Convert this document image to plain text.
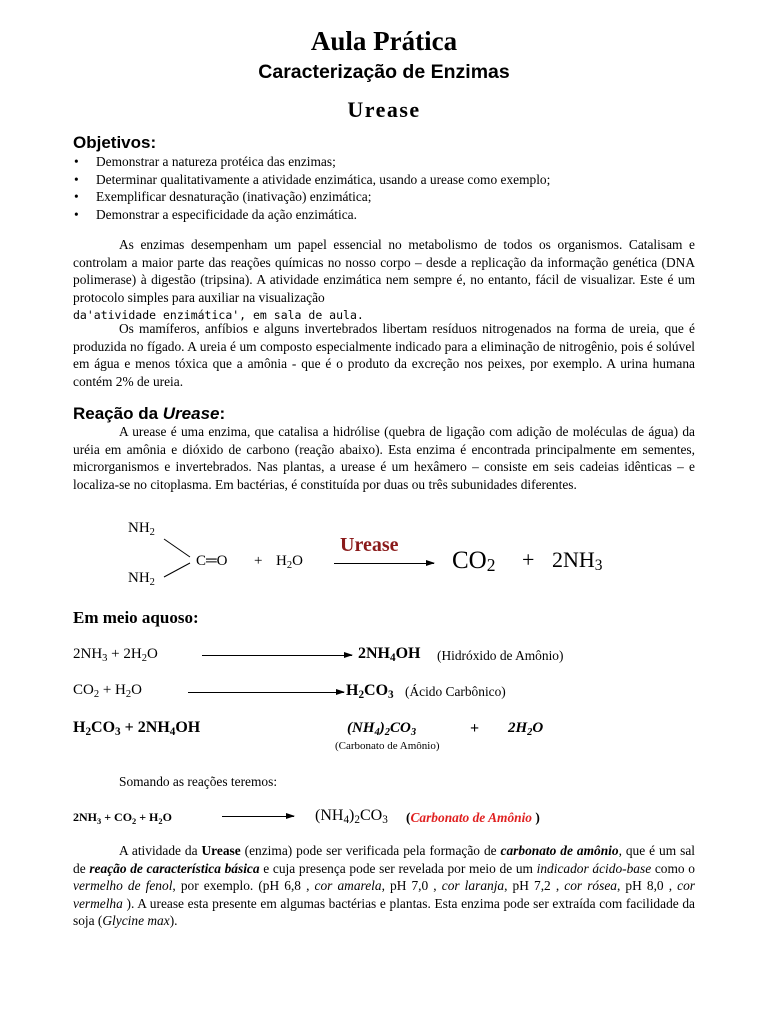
Aula Prática
Caracterização de Enzimas
Urease
Objetivos:
• Demonstrar a natureza protéica das enzimas;
• Determinar qualitativamente a atividade enzimática, usando a urease como exemplo;
• Exemplificar desnaturação (inativação) enzimática;
• Demonstrar a especificidade da ação enzimática.
As enzimas desempenham um papel essencial no metabolismo de todos os organismos. Catalisam e controlam a maior parte das reações químicas no nosso corpo – desde a replicação da informação genética (DNA polimerase) à digestão (tripsina). A atividade enzimática nem sempre é, no entanto, fácil de visualizar. Este é um protocolo simples para auxiliar na visualização
da'atividade enzimática', em sala de aula.
Os mamíferos, anfíbios e alguns invertebrados libertam resíduos nitrogenados na forma de ureia, que é produzida no fígado. A ureia é um composto especialmente indicado para a eliminação de nitrogênio, pois é solúvel em água e menos tóxica que a amônia - que é o produto da excreção nos peixes, por exemplo. A urina humana contém 2% de ureia.
Reação da Urease:
A urease é uma enzima, que catalisa a hidrólise (quebra de ligação com adição de moléculas de água) da uréia em amônia e dióxido de carbono (reação abaixo). Esta enzima é encontrada principalmente em sementes, microrganismos e invertebrados. Nas plantas, a urease é um hexâmero – consiste em seis cadeias idênticas – e localiza-se no citoplasma. Em bactérias, é constituída por duas ou três subunidades diferentes.
$NH_2$
$NH_2$
C═O + $H_2O$
Urease
$CO_2 + 2NH_3$
Em meio aquoso:
$2NH_3 + 2H_2O$	$2NH_4OH$ (Hidróxido de Amônio)
$CO_2 + H_2O$	$H_2CO_3$ (Ácido Carbônico)
$H_2CO_3 + 2NH_4OH$	$(NH_4)_2CO_3$	+ $2H_2O$
(Carbonato de Amônio)
Somando as reações teremos:
$2NH_3 + CO_2 + H_2O$	$(NH_4)_2CO_3$ (Carbonato de Amônio )
A atividade da Urease (enzima) pode ser verificada pela formação de carbonato de amônio, que é um sal de reação de característica básica e cuja presença pode ser revelada por meio de um indicador ácido-base como o vermelho de fenol, por exemplo. (pH 6,8 , cor amarela, pH 7,0 , cor laranja, pH 7,2 , cor rósea, pH 8,0 , cor vermelha ). A urease esta presente em algumas bactérias e plantas. Esta enzima pode ser extraída com facilidade da soja (Glycine max).
